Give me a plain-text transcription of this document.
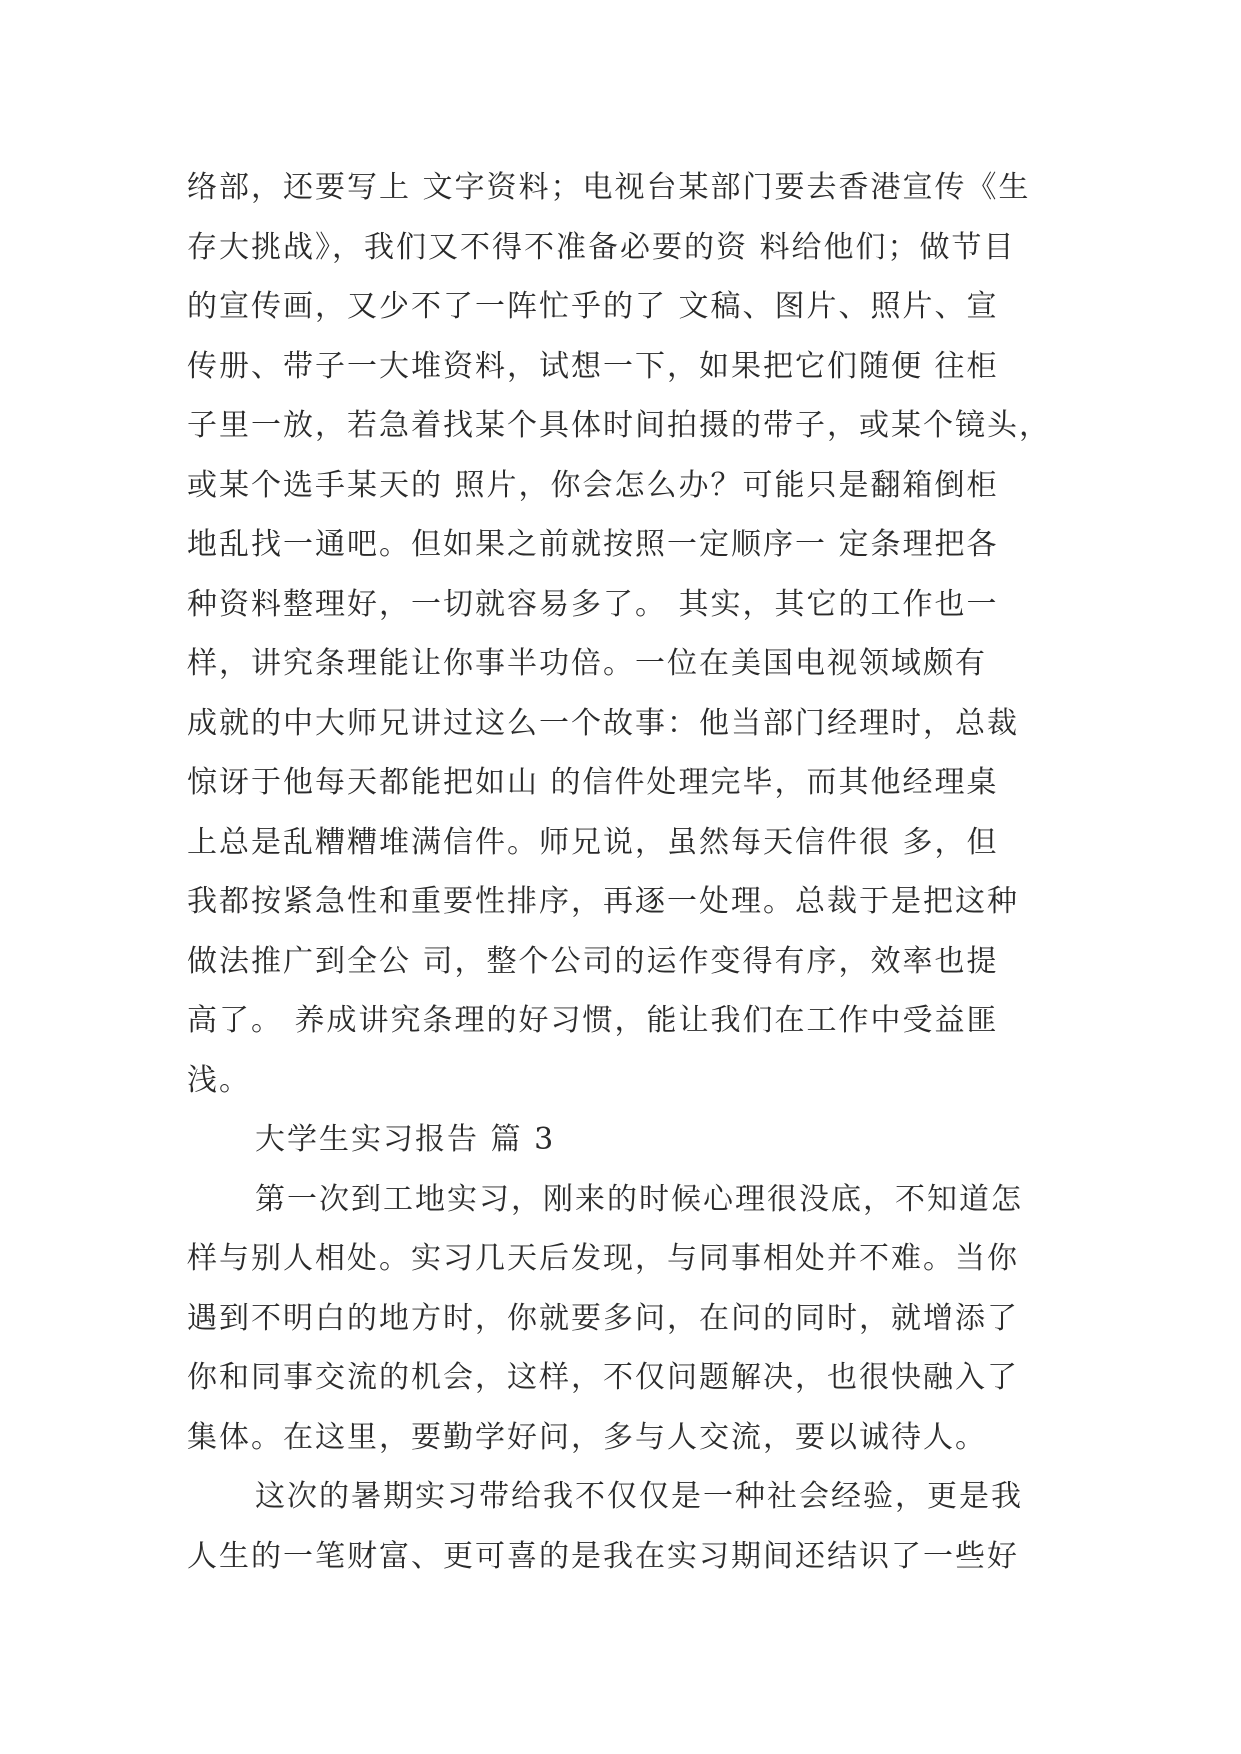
络部，还要写上 文字资料；电视台某部门要去香港宣传《生
存大挑战》，我们又不得不准备必要的资 料给他们；做节目
的宣传画，又少不了一阵忙乎的了 文稿、图片、照片、宣
传册、带子一大堆资料，试想一下，如果把它们随便 往柜
子里一放，若急着找某个具体时间拍摄的带子，或某个镜头，
或某个选手某天的 照片，你会怎么办？可能只是翻箱倒柜
地乱找一通吧。但如果之前就按照一定顺序一 定条理把各
种资料整理好，一切就容易多了。 其实，其它的工作也一
样，讲究条理能让你事半功倍。一位在美国电视领域颇有
成就的中大师兄讲过这么一个故事：他当部门经理时，总裁
惊讶于他每天都能把如山 的信件处理完毕，而其他经理桌
上总是乱糟糟堆满信件。师兄说，虽然每天信件很 多，但
我都按紧急性和重要性排序，再逐一处理。总裁于是把这种
做法推广到全公 司，整个公司的运作变得有序，效率也提
高了。 养成讲究条理的好习惯，能让我们在工作中受益匪
浅。
大学生实习报告 篇 3
第一次到工地实习，刚来的时候心理很没底，不知道怎
样与别人相处。实习几天后发现，与同事相处并不难。当你
遇到不明白的地方时，你就要多问，在问的同时，就增添了
你和同事交流的机会，这样，不仅问题解决，也很快融入了
集体。在这里，要勤学好问，多与人交流，要以诚待人。
这次的暑期实习带给我不仅仅是一种社会经验，更是我
人生的一笔财富、更可喜的是我在实习期间还结识了一些好
